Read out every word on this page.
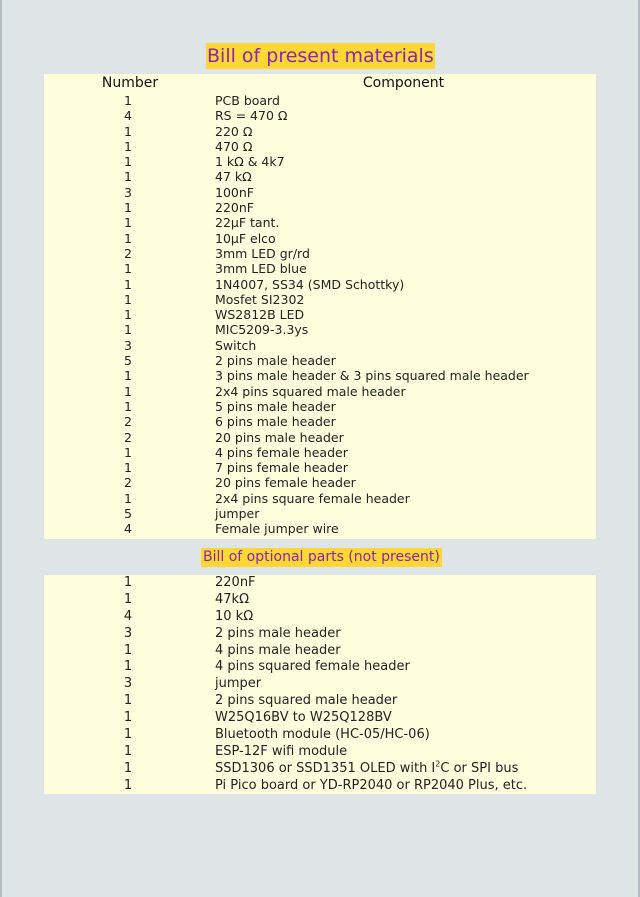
Bill of present materials
Number	Component
1	PCB board
4	RS = 470 Ω
1	220 Ω
1	470 Ω
1	1 kΩ & 4k7
1	47 kΩ
3	100nF
1	220nF
1	22µF tant.
1	10µF elco
2	3mm LED gr/rd
1	3mm LED blue
1	1N4007, SS34 (SMD Schottky)
1	Mosfet SI2302
1	WS2812B LED
1	MIC5209-3.3ys
3	Switch
5	2 pins male header
1	3 pins male header & 3 pins squared male header
1	2x4 pins squared male header
1	5 pins male header
2	6 pins male header
2	20 pins male header
1	4 pins female header
1	7 pins female header
2	20 pins female header
1	2x4 pins square female header
5	jumper
4	Female jumper wire
Bill of optional parts (not present)
1	220nF
1	47kΩ
4	10 kΩ
3	2 pins male header
1	4 pins male header
1	4 pins squared female header
3	jumper
1	2 pins squared male header
1	W25Q16BV to W25Q128BV
1	Bluetooth module (HC-05/HC-06)
1	ESP-12F wifi module
1	SSD1306 or SSD1351 OLED with $I^2C$ or SPI bus
1	Pi Pico board or YD-RP2040 or RP2040 Plus, etc.
